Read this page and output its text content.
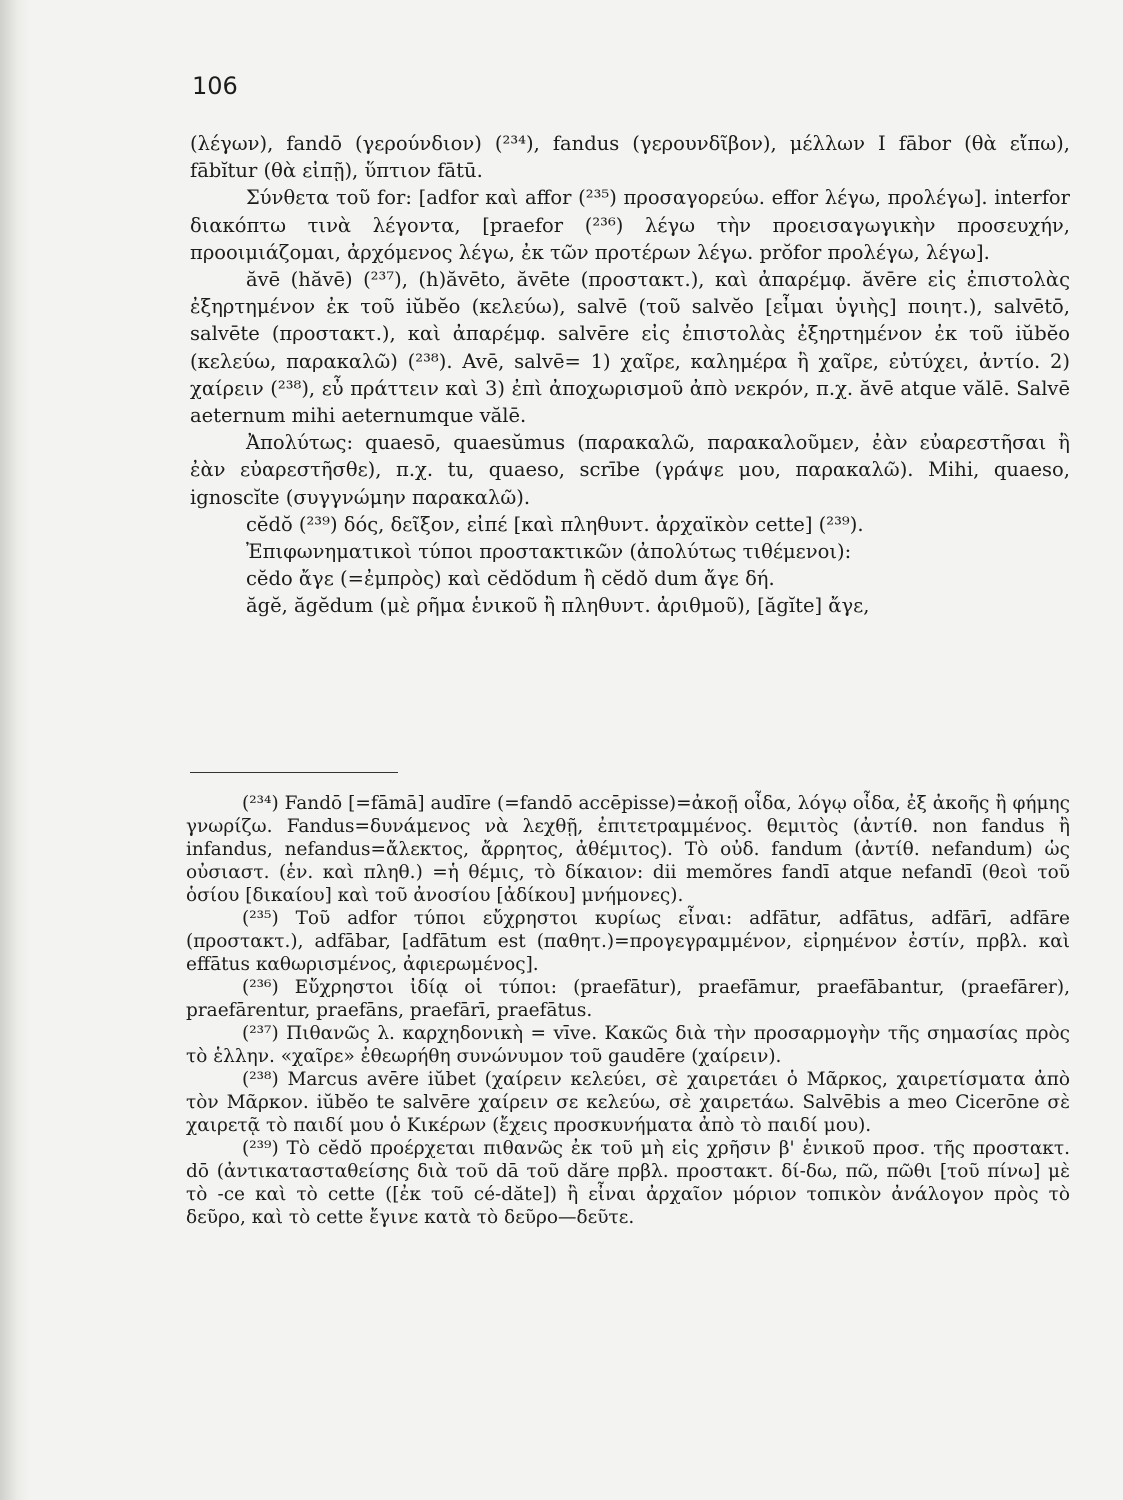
106

(λέγων), fandō (γερούνδιον) (²³⁴), fandus (γερουνδῖβον), μέλλων Ι fābor (θὰ εἴπω), fābĭtur (θὰ εἰπῇ), ὕπτιον fātū.

Σύνθετα τοῦ for: [adfor καὶ affor (²³⁵) προσαγορεύω. effor λέγω, προλέγω]. interfor διακόπτω τινὰ λέγοντα, [praefor (²³⁶) λέγω τὴν προεισαγωγικὴν προσευχήν, προοιμιάζομαι, ἀρχόμενος λέγω, ἐκ τῶν προτέρων λέγω. prŏfor προλέγω, λέγω].

ăvē (hăvē) (²³⁷), (h)ăvēto, ăvēte (προστακτ.), καὶ ἀπαρέμφ. ăvēre εἰς ἐπιστολὰς ἐξηρτημένον ἐκ τοῦ iŭbĕo (κελεύω), salvē (τοῦ salvĕo [εἶμαι ὑγιὴς] ποιητ.), salvētō, salvēte (προστακτ.), καὶ ἀπαρέμφ. salvēre εἰς ἐπιστολὰς ἐξηρτημένον ἐκ τοῦ iŭbĕo (κελεύω, παρακαλῶ) (²³⁸). Avē, salvē= 1) χαῖρε, καλημέρα ἢ χαῖρε, εὐτύχει, ἀντίο. 2) χαίρειν (²³⁸), εὖ πράττειν καὶ 3) ἐπὶ ἀποχωρισμοῦ ἀπὸ νεκρόν, π.χ. ăvē atque vălē. Salvē aeternum mihi aeternumque vălē.

Ἀπολύτως: quaesō, quaesŭmus (παρακαλῶ, παρακαλοῦμεν, ἐὰν εὐαρεστῆσαι ἢ ἐὰν εὐαρεστῆσθε), π.χ. tu, quaeso, scrībe (γράψε μου, παρακαλῶ). Mihi, quaeso, ignoscĭte (συγγνώμην παρακαλῶ).

cĕdŏ (²³⁹) δός, δεῖξον, εἰπέ [καὶ πληθυντ. ἀρχαϊκὸν cette] (²³⁹).

Ἐπιφωνηματικοὶ τύποι προστακτικῶν (ἀπολύτως τιθέμενοι):

cĕdo ἄγε (=ἐμπρὸς) καὶ cĕdŏdum ἢ cĕdŏ dum ἄγε δή.

ăgĕ, ăgĕdum (μὲ ρῆμα ἑνικοῦ ἢ πληθυντ. ἀριθμοῦ), [ăgĭte] ἄγε,

(²³⁴) Fandō [=fāmā] audīre (=fandō accēpisse)=ἀκοῇ οἶδα, λόγῳ οἶδα, ἐξ ἀκοῆς ἢ φήμης γνωρίζω. Fandus=δυνάμενος νὰ λεχθῇ, ἐπιτετραμμένος. θεμιτὸς (ἀντίθ. non fandus ἢ infandus, nefandus=ἄλεκτος, ἄρρητος, ἀθέμιτος). Τὸ οὐδ. fandum (ἀντίθ. nefandum) ὡς οὐσιαστ. (ἑν. καὶ πληθ.) =ἡ θέμις, τὸ δίκαιον: dii memŏres fandī atque nefandī (θεοὶ τοῦ ὁσίου [δικαίου] καὶ τοῦ ἀνοσίου [ἀδίκου] μνήμονες).

(²³⁵) Τοῦ adfor τύποι εὔχρηστοι κυρίως εἶναι: adfātur, adfātus, adfārī, adfāre (προστακτ.), adfābar, [adfātum est (παθητ.)=προγεγραμμένον, εἰρημένον ἐστίν, πρβλ. καὶ effātus καθωρισμένος, ἀφιερωμένος].

(²³⁶) Εὔχρηστοι ἰδίᾳ οἱ τύποι: (praefātur), praefāmur, praefābantur, (praefārer), praefārentur, praefāns, praefārī, praefātus.

(²³⁷) Πιθανῶς λ. καρχηδονικὴ = vīve. Κακῶς διὰ τὴν προσαρμογὴν τῆς σημασίας πρὸς τὸ ἑλλην. «χαῖρε» ἐθεωρήθη συνώνυμον τοῦ gaudēre (χαίρειν).

(²³⁸) Marcus avēre iŭbet (χαίρειν κελεύει, σὲ χαιρετάει ὁ Μᾶρκος, χαιρετίσματα ἀπὸ τὸν Μᾶρκον. iŭbĕo te salvēre χαίρειν σε κελεύω, σὲ χαιρετάω. Salvēbis a meo Cicerōne σὲ χαιρετᾷ τὸ παιδί μου ὁ Κικέρων (ἔχεις προσκυνήματα ἀπὸ τὸ παιδί μου).

(²³⁹) Τὸ cĕdŏ προέρχεται πιθανῶς ἐκ τοῦ μὴ εἰς χρῆσιν β' ἑνικοῦ προσ. τῆς προστακτ. dō (ἀντικατασταθείσης διὰ τοῦ dā τοῦ dăre πρβλ. προστακτ. δί-δω, πῶ, πῶθι [τοῦ πίνω] μὲ τὸ -ce καὶ τὸ cette ([ἐκ τοῦ cé-dăte]) ἢ εἶναι ἀρχαῖον μόριον τοπικὸν ἀνάλογον πρὸς τὸ δεῦρο, καὶ τὸ cette ἔγινε κατὰ τὸ δεῦρο—δεῦτε.
